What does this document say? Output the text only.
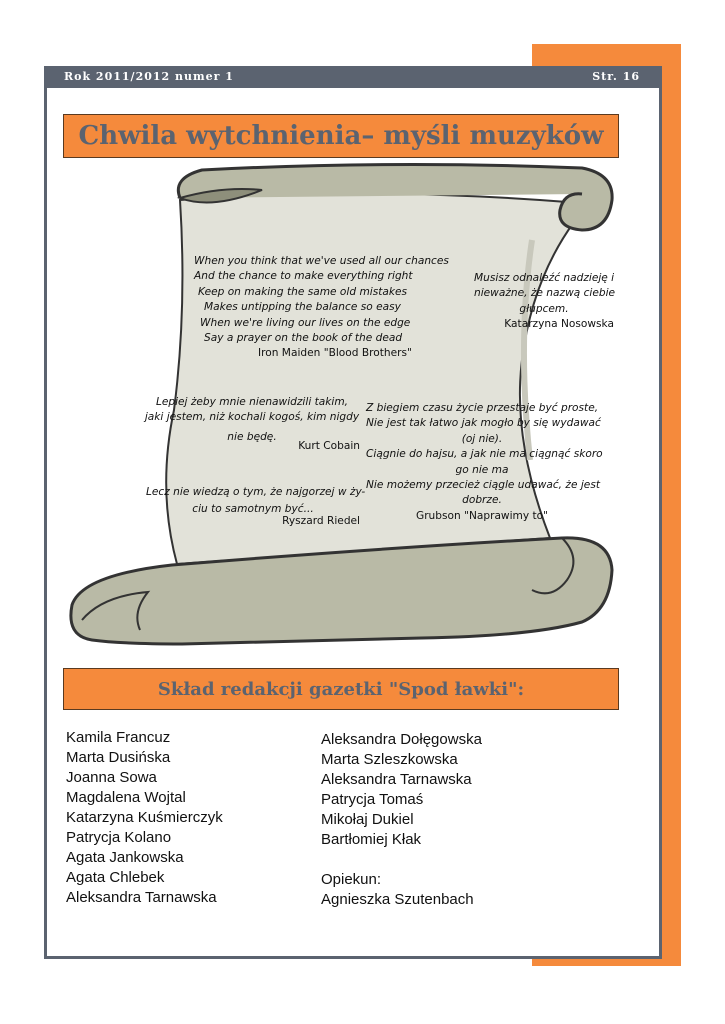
Rok 2011/2012 numer 1	Str. 16
Chwila wytchnienia– myśli muzyków
When you think that we've used all our chances
And the chance to make everything right
Keep on making the same old mistakes
Makes untipping the balance so easy
When we're living our lives on the edge
Say a prayer on the book of the dead
Iron Maiden "Blood Brothers"
Musisz odnaleźć nadzieję i
nieważne, że nazwą ciebie
głupcem.
Katarzyna Nosowska
Lepiej żeby mnie nienawidzili takim,
jaki jestem, niż kochali kogoś, kim nigdy
nie będę.
Kurt Cobain
Z biegiem czasu życie przestaje być proste,
Nie jest tak łatwo jak mogło by się wydawać
(oj nie).
Ciągnie do hajsu, a jak nie ma ciągnąć skoro
go nie ma
Nie możemy przecież ciągle udawać, że jest
dobrze.
Grubson "Naprawimy to"
Lecz nie wiedzą o tym, że najgorzej w ży-
ciu to samotnym być...
Ryszard Riedel
Skład redakcji gazetki "Spod ławki":
Kamila Francuz
Marta Dusińska
Joanna Sowa
Magdalena Wojtal
Katarzyna Kuśmierczyk
Patrycja Kolano
Agata Jankowska
Agata Chlebek
Aleksandra Tarnawska
Aleksandra Dołęgowska
Marta Szleszkowska
Aleksandra Tarnawska
Patrycja Tomaś
Mikołaj Dukiel
Bartłomiej Kłak
Opiekun:
Agnieszka Szutenbach
